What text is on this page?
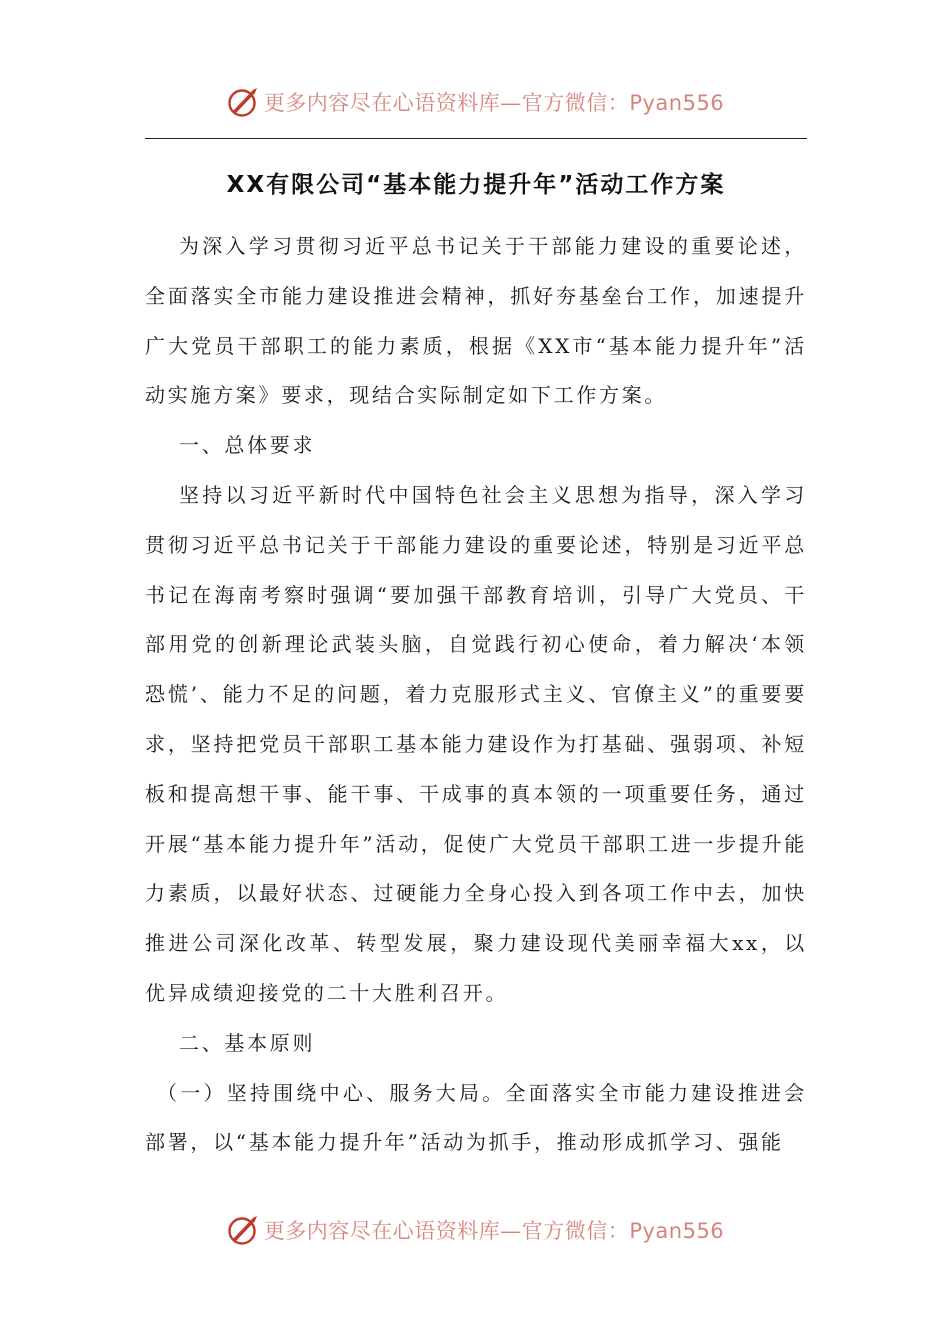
更多内容尽在心语资料库—官方微信：Pyan556
XX有限公司“基本能力提升年”活动工作方案

为深入学习贯彻习近平总书记关于干部能力建设的重要论述，全面落实全市能力建设推进会精神，抓好夯基垒台工作，加速提升广大党员干部职工的能力素质，根据《XX市“基本能力提升年”活动实施方案》要求，现结合实际制定如下工作方案。

一、总体要求

坚持以习近平新时代中国特色社会主义思想为指导，深入学习贯彻习近平总书记关于干部能力建设的重要论述，特别是习近平总书记在海南考察时强调“要加强干部教育培训，引导广大党员、干部用党的创新理论武装头脑，自觉践行初心使命，着力解决‘本领恐慌’、能力不足的问题，着力克服形式主义、官僚主义”的重要要求，坚持把党员干部职工基本能力建设作为打基础、强弱项、补短板和提高想干事、能干事、干成事的真本领的一项重要任务，通过开展“基本能力提升年”活动，促使广大党员干部职工进一步提升能力素质，以最好状态、过硬能力全身心投入到各项工作中去，加快推进公司深化改革、转型发展，聚力建设现代美丽幸福大xx，以优异成绩迎接党的二十大胜利召开。

二、基本原则

（一）坚持围绕中心、服务大局。全面落实全市能力建设推进会部署，以“基本能力提升年”活动为抓手，推动形成抓学习、强能

更多内容尽在心语资料库—官方微信：Pyan556
